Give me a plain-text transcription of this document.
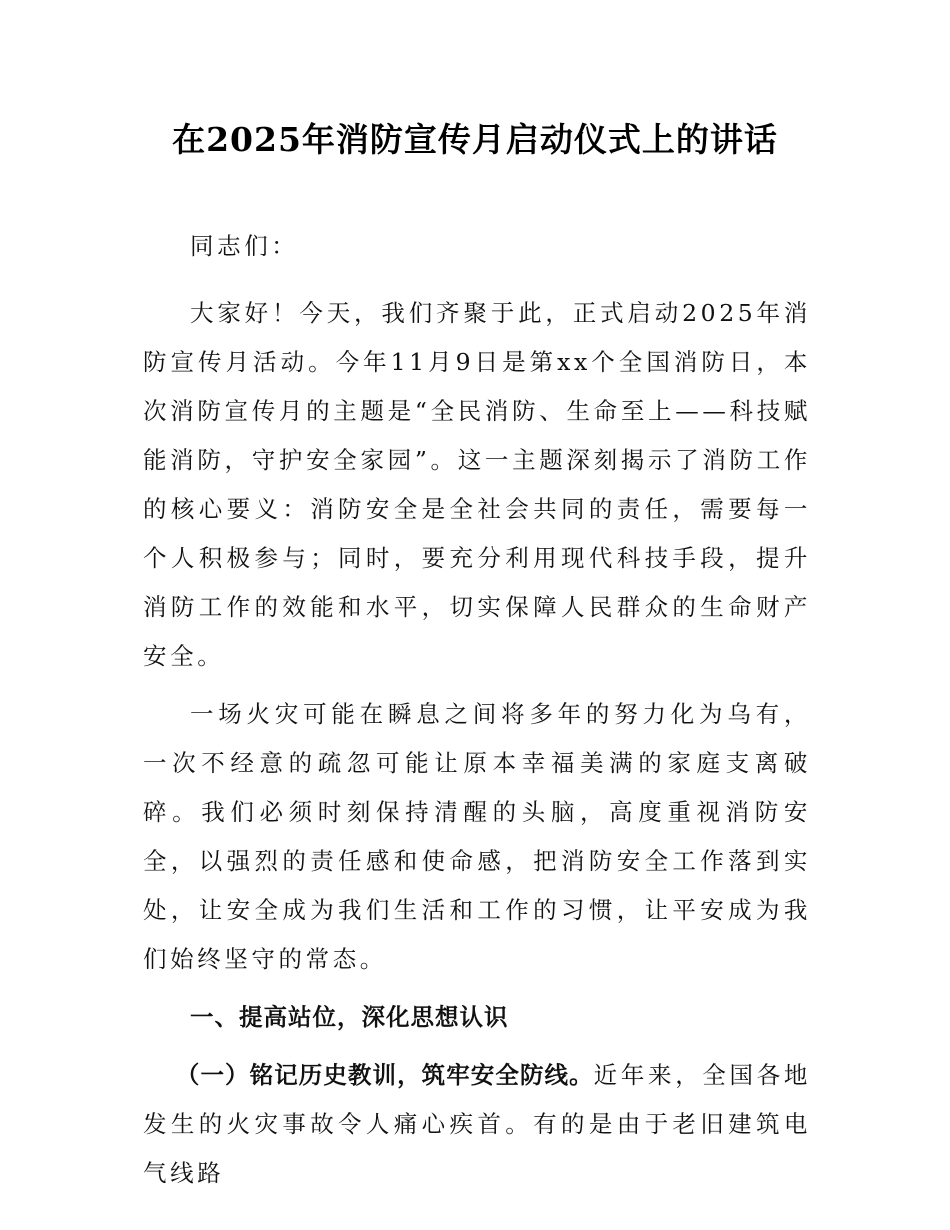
在2025年消防宣传月启动仪式上的讲话

同志们：

大家好！今天，我们齐聚于此，正式启动2025年消防宣传月活动。今年11月9日是第xx个全国消防日，本次消防宣传月的主题是“全民消防、生命至上——科技赋能消防，守护安全家园”。这一主题深刻揭示了消防工作的核心要义：消防安全是全社会共同的责任，需要每一个人积极参与；同时，要充分利用现代科技手段，提升消防工作的效能和水平，切实保障人民群众的生命财产安全。

一场火灾可能在瞬息之间将多年的努力化为乌有，一次不经意的疏忽可能让原本幸福美满的家庭支离破碎。我们必须时刻保持清醒的头脑，高度重视消防安全，以强烈的责任感和使命感，把消防安全工作落到实处，让安全成为我们生活和工作的习惯，让平安成为我们始终坚守的常态。

一、提高站位，深化思想认识

（一）铭记历史教训，筑牢安全防线。近年来，全国各地发生的火灾事故令人痛心疾首。有的是由于老旧建筑电气线路
